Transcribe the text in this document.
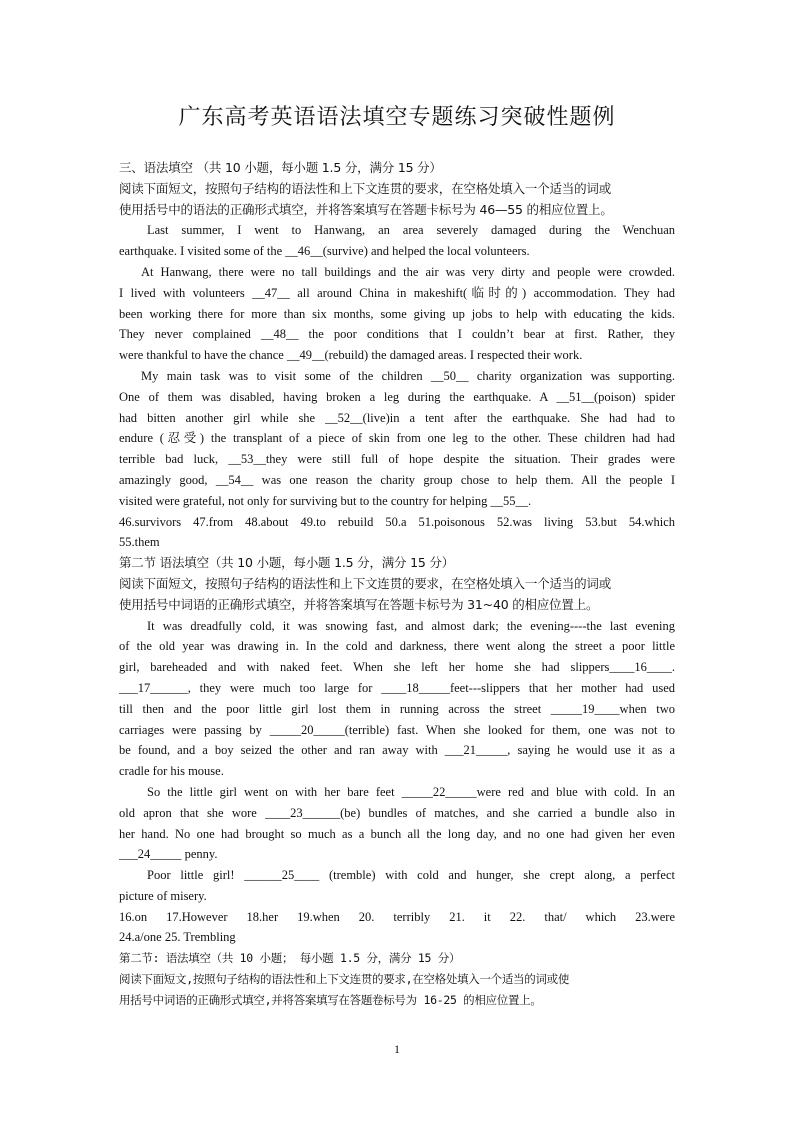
广东高考英语语法填空专题练习突破性题例
三、语法填空 （共 10 小题，每小题 1.5 分，满分 15 分）
阅读下面短文，按照句子结构的语法性和上下文连贯的要求，在空格处填入一个适当的词或
使用括号中的语法的正确形式填空，并将答案填写在答题卡标号为 46—55 的相应位置上。
Last summer, I went to Hanwang, an area severely damaged during the Wenchuan
earthquake. I visited some of the __46__(survive) and helped the local volunteers.
At Hanwang, there were no tall buildings and the air was very dirty and people were crowded.
I lived with volunteers __47__ all around China in makeshift(临时的) accommodation. They had
been working there for more than six months, some giving up jobs to help with educating the kids.
They never complained __48__ the poor conditions that I couldn’t bear at first. Rather, they
were thankful to have the chance __49__(rebuild) the damaged areas. I respected their work.
My main task was to visit some of the children __50__ charity organization was supporting.
One of them was disabled, having broken a leg during the earthquake. A __51__(poison) spider
had bitten another girl while she __52__(live)in a tent after the earthquake. She had had to
endure (忍受) the transplant of a piece of skin from one leg to the other. These children had had
terrible bad luck, __53__they were still full of hope despite the situation. Their grades were
amazingly good, __54__ was one reason the charity group chose to help them. All the people I
visited were grateful, not only for surviving but to the country for helping __55__.
46.survivors 47.from 48.about 49.to rebuild 50.a 51.poisonous 52.was living 53.but 54.which
55.them
第二节 语法填空（共 10 小题，每小题 1.5 分，满分 15 分）
阅读下面短文，按照句子结构的语法性和上下文连贯的要求，在空格处填入一个适当的词或
使用括号中词语的正确形式填空，并将答案填写在答题卡标号为 31~40 的相应位置上。
It was dreadfully cold, it was snowing fast, and almost dark; the evening----the last evening
of the old year was drawing in. In the cold and darkness, there went along the street a poor little
girl, bareheaded and with naked feet. When she left her home she had slippers____16____.
___17______, they were much too large for ____18_____feet---slippers that her mother had used
till then and the poor little girl lost them in running across the street _____19____when two
carriages were passing by _____20_____(terrible) fast. When she looked for them, one was not to
be found, and a boy seized the other and ran away with ___21_____, saying he would use it as a
cradle for his mouse.
So the little girl went on with her bare feet _____22_____were red and blue with cold. In an
old apron that she wore ____23______(be) bundles of matches, and she carried a bundle also in
her hand. No one had brought so much as a bunch all the long day, and no one had given her even
___24_____ penny.
Poor little girl! ______25____ (tremble) with cold and hunger, she crept along, a perfect
picture of misery.
16.on 17.However 18.her 19.when 20. terribly 21. it 22. that/ which 23.were
24.a/one 25. Trembling
第二节: 语法填空（共 10 小题； 每小题 1.5 分，满分 15 分）
阅读下面短文,按照句子结构的语法性和上下文连贯的要求,在空格处填入一个适当的词或使
用括号中词语的正确形式填空,并将答案填写在答题卷标号为 16-25 的相应位置上。
1
